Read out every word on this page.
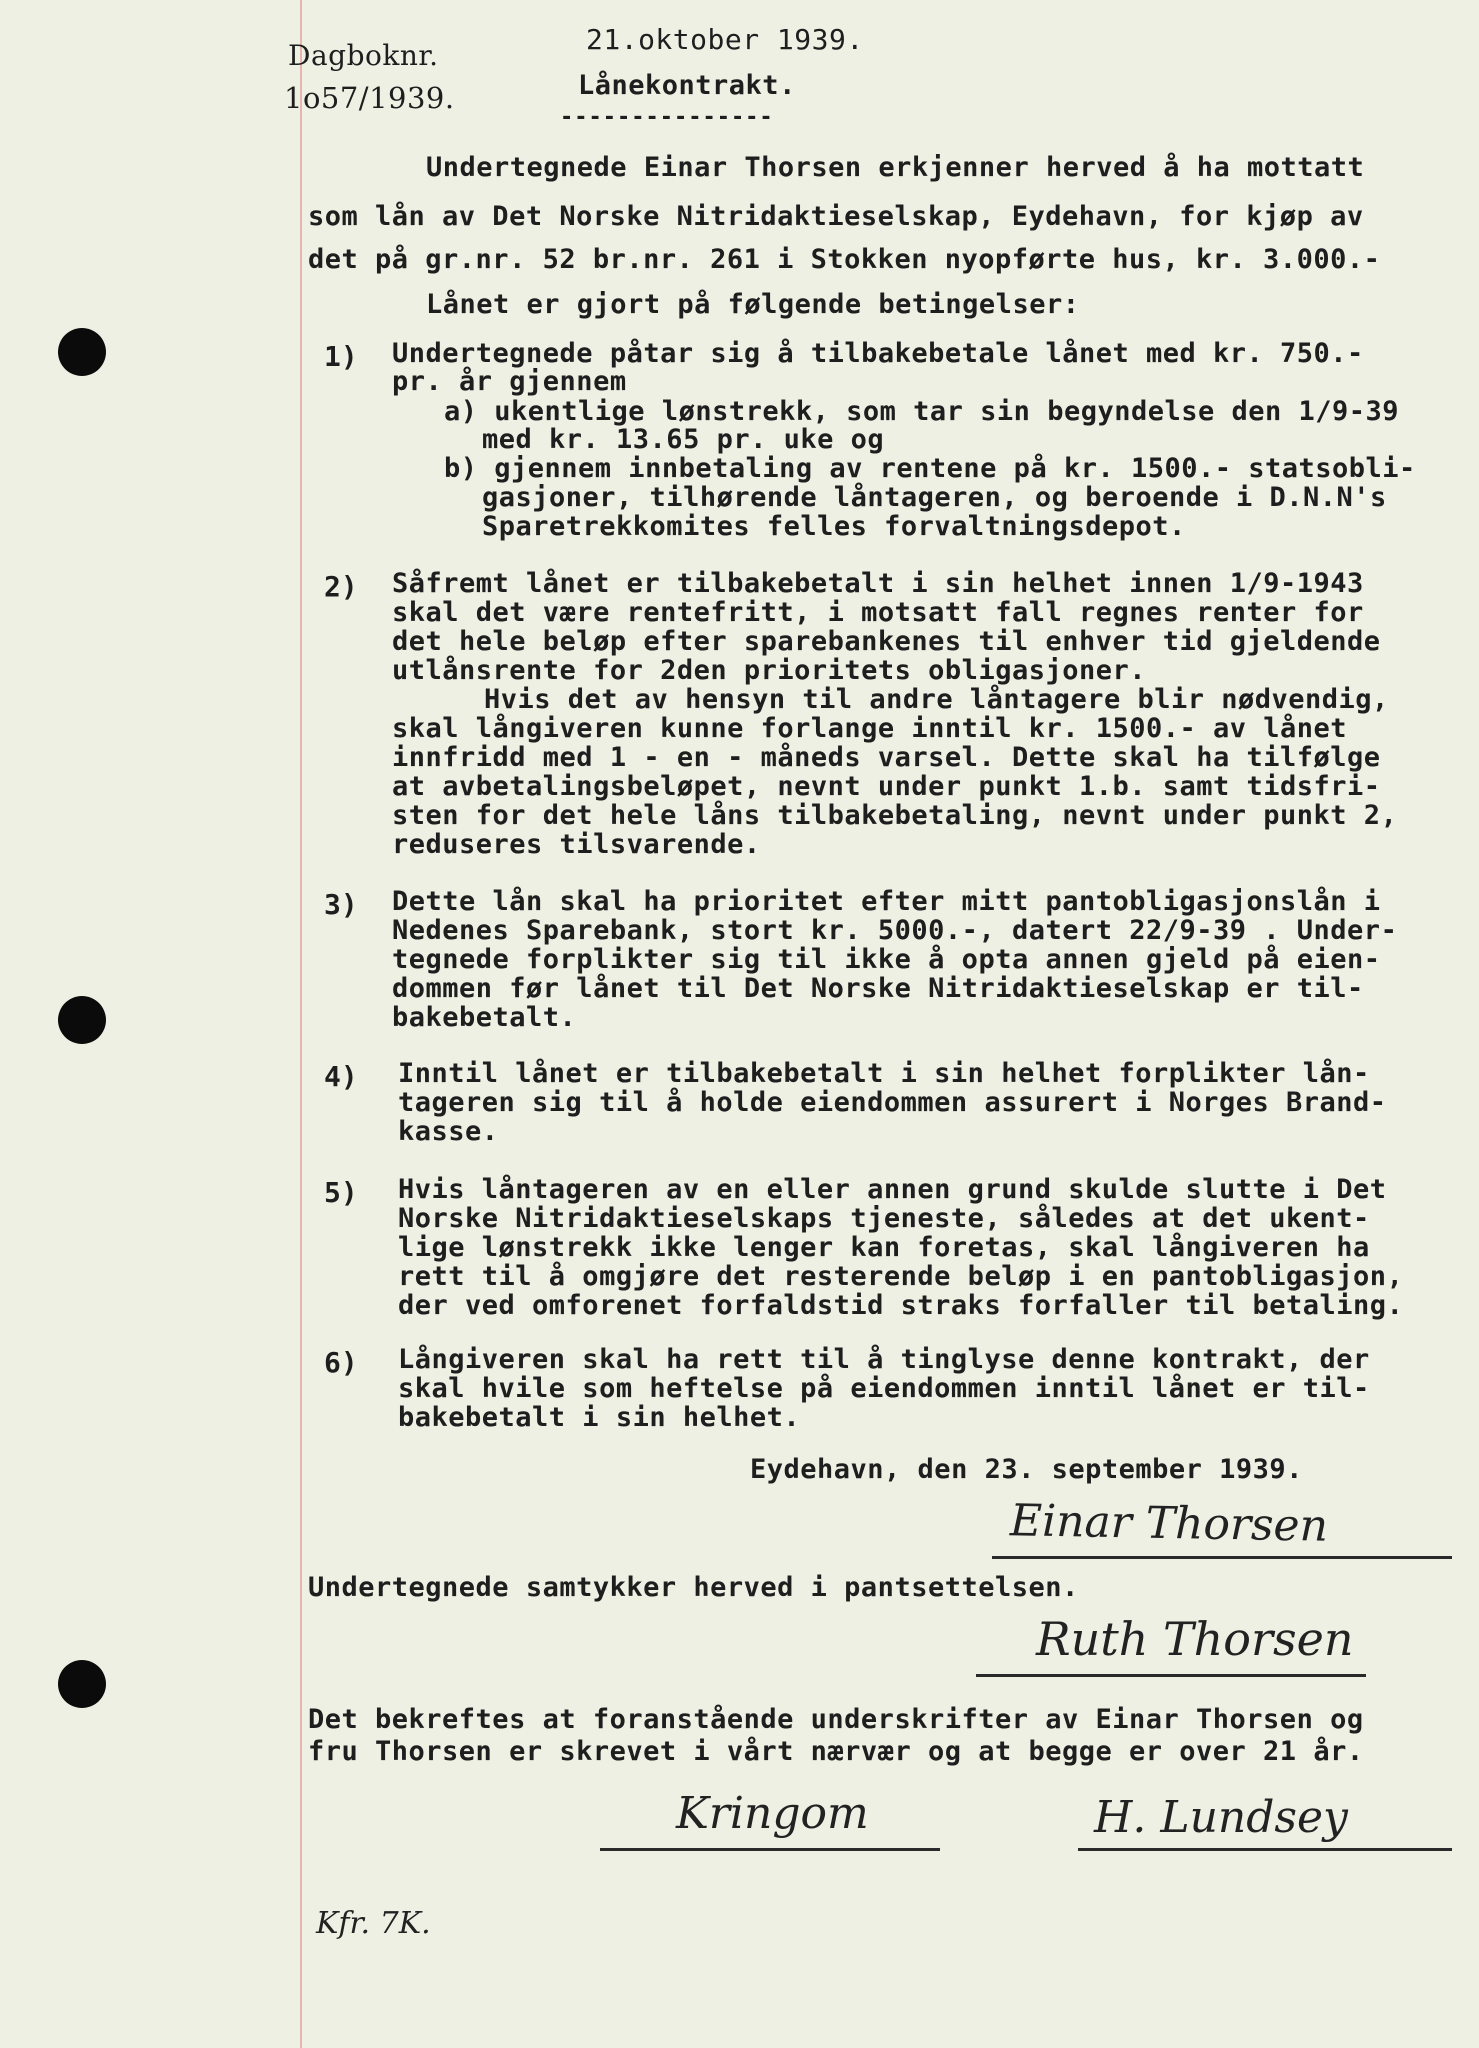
21.oktober 1939.
Dagboknr.
1o57/1939.	Lånekontrakt.
---------------
Undertegnede Einar Thorsen erkjenner herved å ha mottatt
som lån av Det Norske Nitridaktieselskap, Eydehavn, for kjøp av
det på gr.nr. 52 br.nr. 261 i Stokken nyopførte hus, kr. 3.000.-
Lånet er gjort på følgende betingelser:
1) Undertegnede påtar sig å tilbakebetale lånet med kr. 750.-
pr. år gjennem
a) ukentlige lønstrekk, som tar sin begyndelse den 1/9-39
med kr. 13.65 pr. uke og
b) gjennem innbetaling av rentene på kr. 1500.- statsobli-
gasjoner, tilhørende låntageren, og beroende i D.N.N's
Sparetrekkomites felles forvaltningsdepot.
2) Såfremt lånet er tilbakebetalt i sin helhet innen 1/9-1943
skal det være rentefritt, i motsatt fall regnes renter for
det hele beløp efter sparebankenes til enhver tid gjeldende
utlånsrente for 2den prioritets obligasjoner.
Hvis det av hensyn til andre låntagere blir nødvendig,
skal långiveren kunne forlange inntil kr. 1500.- av lånet
innfridd med 1 - en - måneds varsel. Dette skal ha tilfølge
at avbetalingsbeløpet, nevnt under punkt 1.b. samt tidsfri-
sten for det hele låns tilbakebetaling, nevnt under punkt 2,
reduseres tilsvarende.
3) Dette lån skal ha prioritet efter mitt pantobligasjonslån i
Nedenes Sparebank, stort kr. 5000.-, datert 22/9-39 . Under-
tegnede forplikter sig til ikke å opta annen gjeld på eien-
dommen før lånet til Det Norske Nitridaktieselskap er til-
bakebetalt.
4) Inntil lånet er tilbakebetalt i sin helhet forplikter lån-
tageren sig til å holde eiendommen assurert i Norges Brand-
kasse.
5) Hvis låntageren av en eller annen grund skulde slutte i Det
Norske Nitridaktieselskaps tjeneste, således at det ukent-
lige lønstrekk ikke lenger kan foretas, skal långiveren ha
rett til å omgjøre det resterende beløp i en pantobligasjon,
der ved omforenet forfaldstid straks forfaller til betaling.
6) Långiveren skal ha rett til å tinglyse denne kontrakt, der
skal hvile som heftelse på eiendommen inntil lånet er til-
bakebetalt i sin helhet.
Eydehavn, den 23. september 1939.
Einar Thorsen
Undertegnede samtykker herved i pantsettelsen.
Ruth Thorsen
Det bekreftes at foranstående underskrifter av Einar Thorsen og
fru Thorsen er skrevet i vårt nærvær og at begge er over 21 år.
Kringom	H. Lundsey
Kfr. 7K.
